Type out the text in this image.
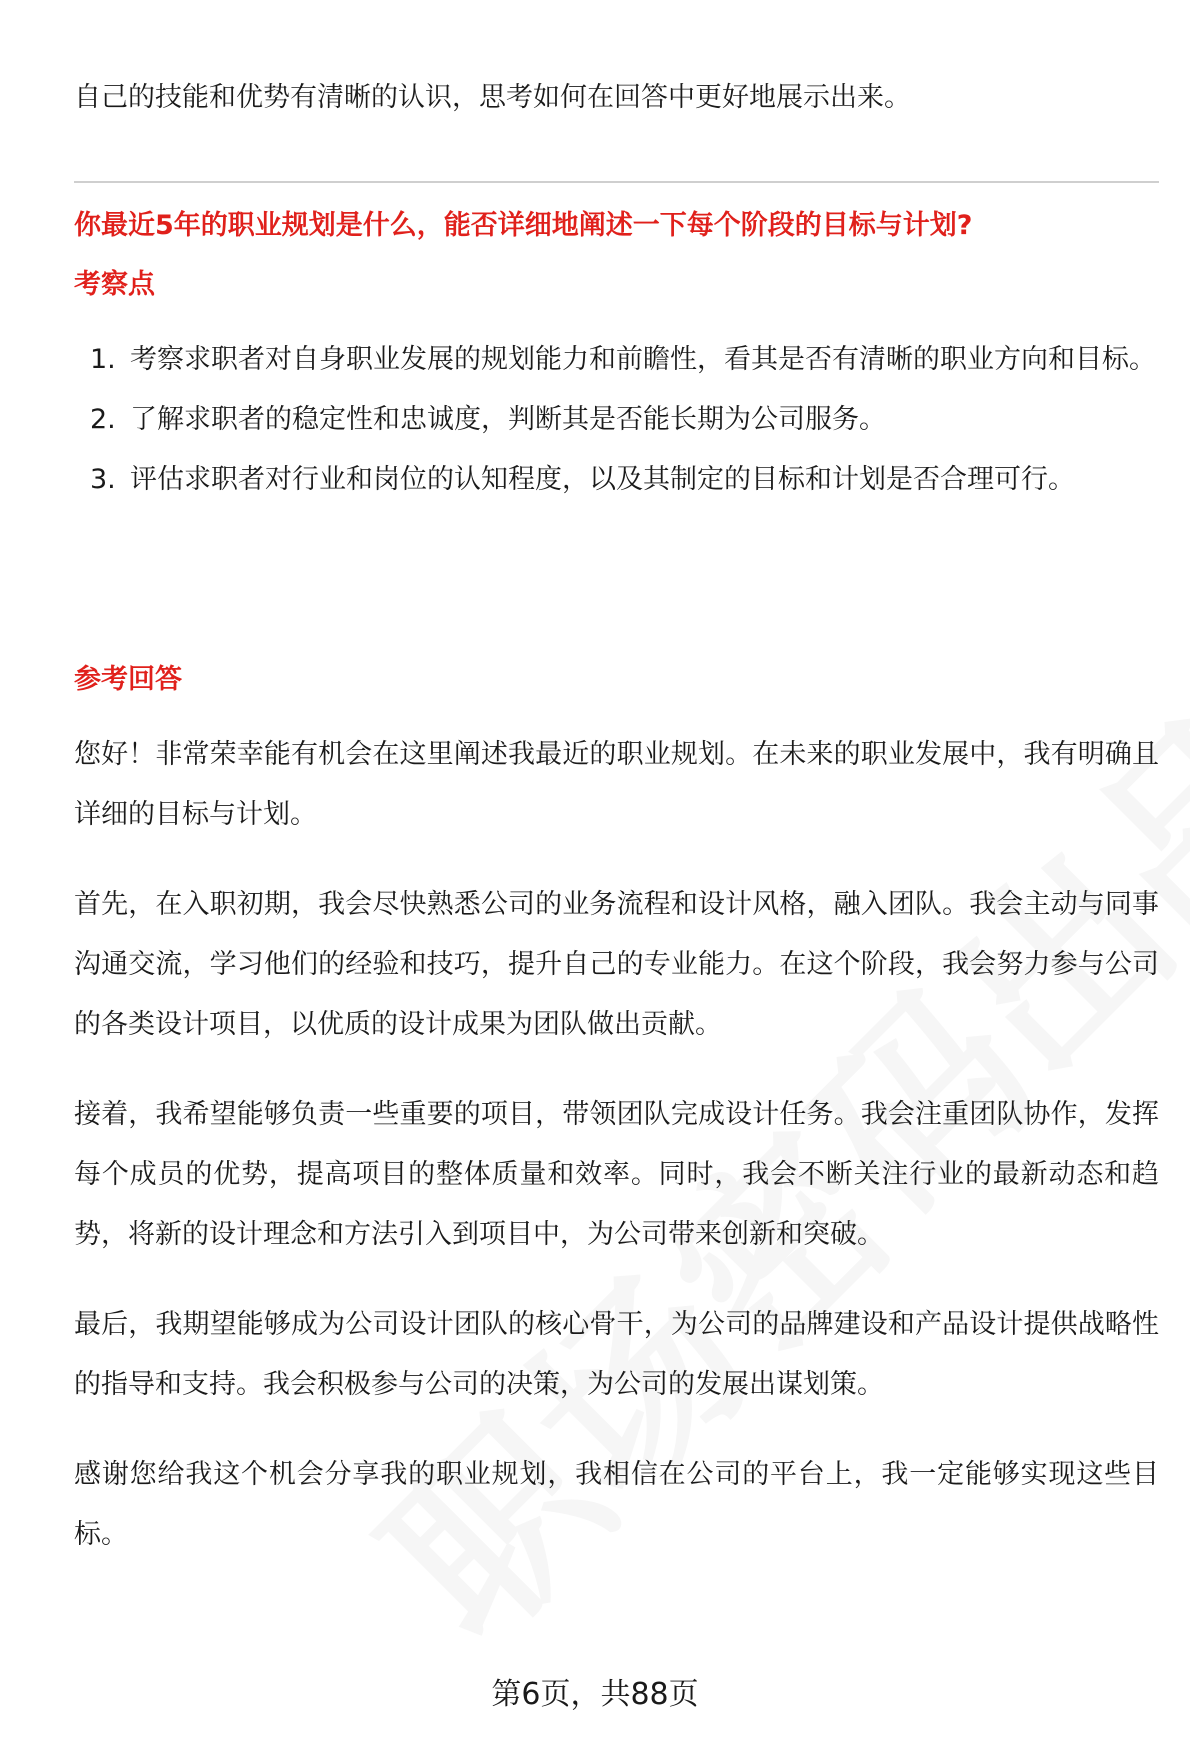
自己的技能和优势有清晰的认识，思考如何在回答中更好地展示出来。

你最近5年的职业规划是什么，能否详细地阐述一下每个阶段的目标与计划?

考察点

1. 考察求职者对自身职业发展的规划能力和前瞻性，看其是否有清晰的职业方向和目标。
2. 了解求职者的稳定性和忠诚度，判断其是否能长期为公司服务。
3. 评估求职者对行业和岗位的认知程度，以及其制定的目标和计划是否合理可行。

参考回答

您好！非常荣幸能有机会在这里阐述我最近的职业规划。在未来的职业发展中，我有明确且详细的目标与计划。

首先，在入职初期，我会尽快熟悉公司的业务流程和设计风格，融入团队。我会主动与同事沟通交流，学习他们的经验和技巧，提升自己的专业能力。在这个阶段，我会努力参与公司的各类设计项目，以优质的设计成果为团队做出贡献。

接着，我希望能够负责一些重要的项目，带领团队完成设计任务。我会注重团队协作，发挥每个成员的优势，提高项目的整体质量和效率。同时，我会不断关注行业的最新动态和趋势，将新的设计理念和方法引入到项目中，为公司带来创新和突破。

最后，我期望能够成为公司设计团队的核心骨干，为公司的品牌建设和产品设计提供战略性的指导和支持。我会积极参与公司的决策，为公司的发展出谋划策。

感谢您给我这个机会分享我的职业规划，我相信在公司的平台上，我一定能够实现这些目标。

第6页，共88页
